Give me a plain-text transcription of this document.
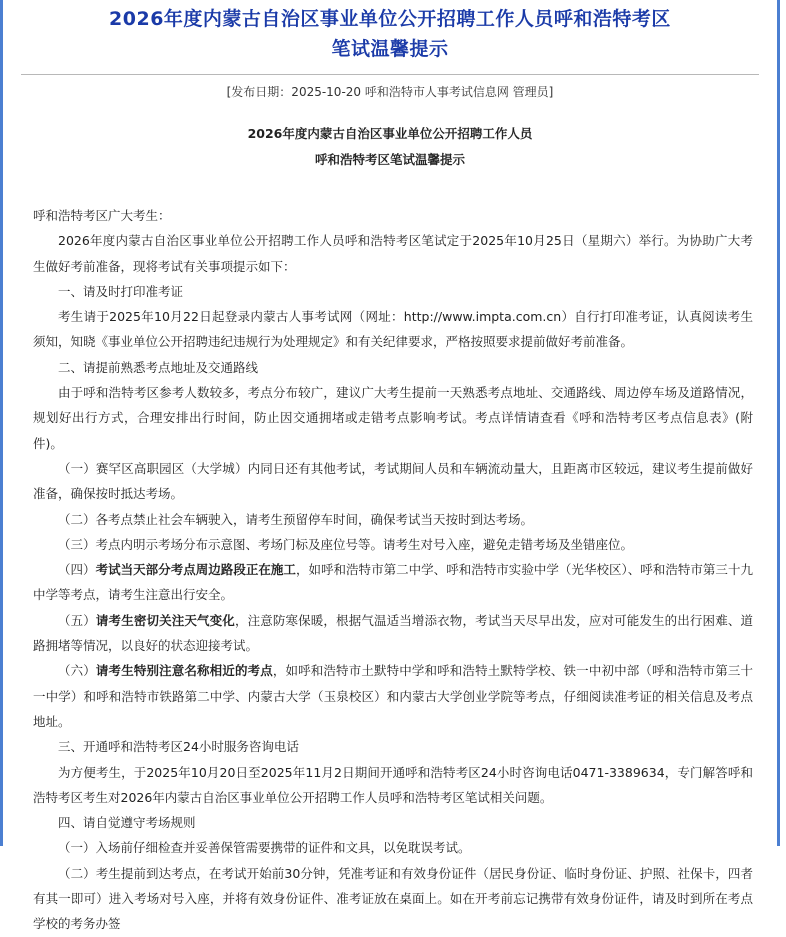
2026年度内蒙古自治区事业单位公开招聘工作人员呼和浩特考区
笔试温馨提示
[发布日期：2025-10-20 呼和浩特市人事考试信息网 管理员]
2026年度内蒙古自治区事业单位公开招聘工作人员
呼和浩特考区笔试温馨提示

呼和浩特考区广大考生：

2026年度内蒙古自治区事业单位公开招聘工作人员呼和浩特考区笔试定于2025年10月25日（星期六）举行。为协助广大考生做好考前准备，现将考试有关事项提示如下：

一、请及时打印准考证

考生请于2025年10月22日起登录内蒙古人事考试网（网址：http://www.impta.com.cn）自行打印准考证，认真阅读考生须知，知晓《事业单位公开招聘违纪违规行为处理规定》和有关纪律要求，严格按照要求提前做好考前准备。

二、请提前熟悉考点地址及交通路线

由于呼和浩特考区参考人数较多，考点分布较广，建议广大考生提前一天熟悉考点地址、交通路线、周边停车场及道路情况，规划好出行方式，合理安排出行时间，防止因交通拥堵或走错考点影响考试。考点详情请查看《呼和浩特考区考点信息表》(附件)。

（一）赛罕区高职园区（大学城）内同日还有其他考试，考试期间人员和车辆流动量大，且距离市区较远，建议考生提前做好准备，确保按时抵达考场。

（二）各考点禁止社会车辆驶入，请考生预留停车时间，确保考试当天按时到达考场。

（三）考点内明示考场分布示意图、考场门标及座位号等。请考生对号入座，避免走错考场及坐错座位。

（四）考试当天部分考点周边路段正在施工，如呼和浩特市第二中学、呼和浩特市实验中学（光华校区）、呼和浩特市第三十九中学等考点，请考生注意出行安全。

（五）请考生密切关注天气变化，注意防寒保暖，根据气温适当增添衣物，考试当天尽早出发，应对可能发生的出行困难、道路拥堵等情况，以良好的状态迎接考试。

（六）请考生特别注意名称相近的考点，如呼和浩特市土默特中学和呼和浩特土默特学校、铁一中初中部（呼和浩特市第三十一中学）和呼和浩特市铁路第二中学、内蒙古大学（玉泉校区）和内蒙古大学创业学院等考点，仔细阅读准考证的相关信息及考点地址。

三、开通呼和浩特考区24小时服务咨询电话

为方便考生，于2025年10月20日至2025年11月2日期间开通呼和浩特考区24小时咨询电话0471-3389634，专门解答呼和浩特考区考生对2026年内蒙古自治区事业单位公开招聘工作人员呼和浩特考区笔试相关问题。

四、请自觉遵守考场规则

（一）入场前仔细检查并妥善保管需要携带的证件和文具，以免耽误考试。

（二）考生提前到达考点，在考试开始前30分钟，凭准考证和有效身份证件（居民身份证、临时身份证、护照、社保卡，四者有其一即可）进入考场对号入座，并将有效身份证件、准考证放在桌面上。如在开考前忘记携带有效身份证件，请及时到所在考点学校的考务办签
